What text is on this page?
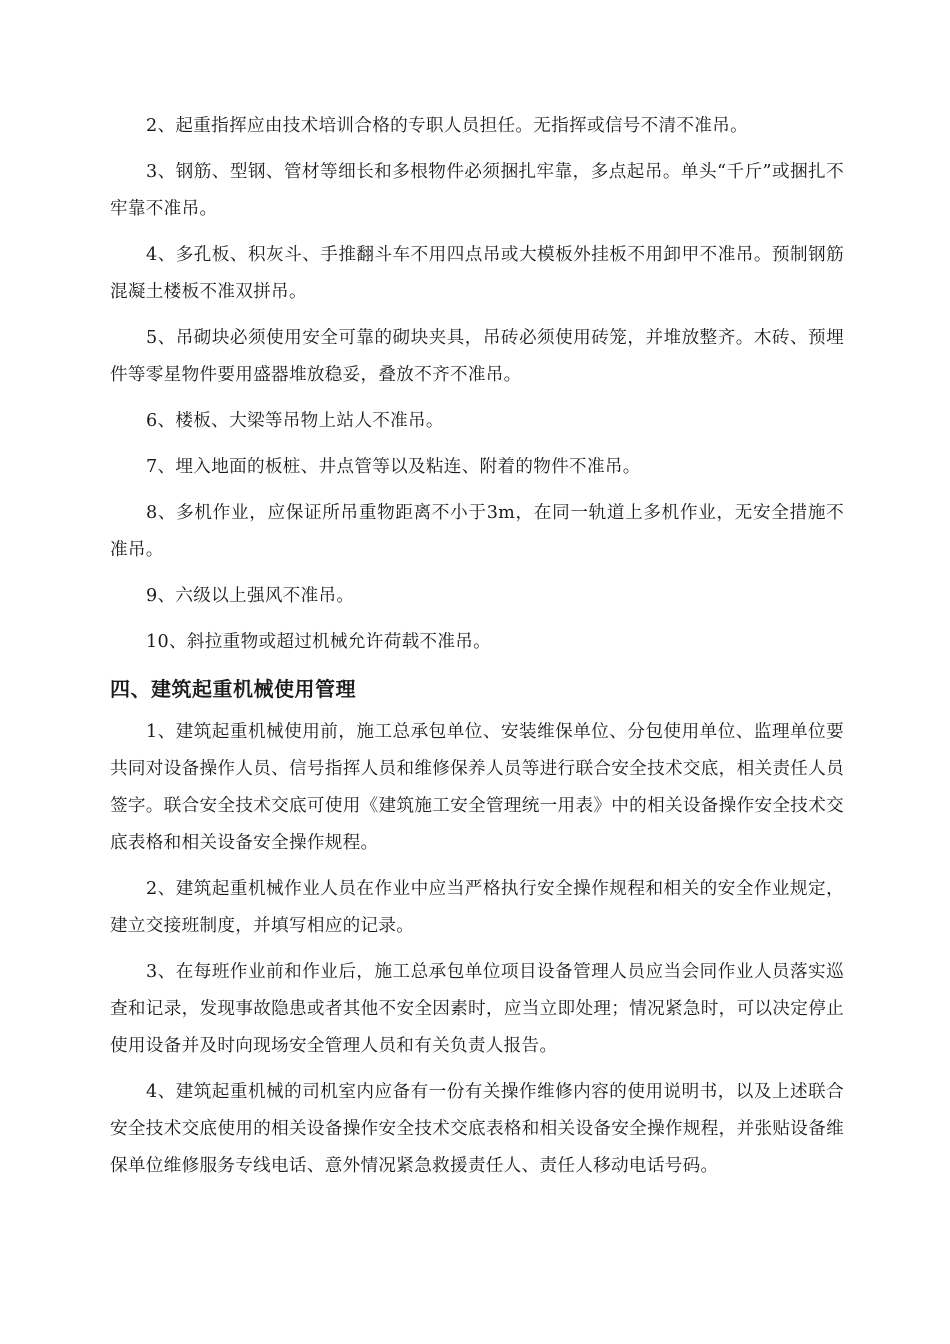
2、起重指挥应由技术培训合格的专职人员担任。无指挥或信号不清不准吊。

3、钢筋、型钢、管材等细长和多根物件必须捆扎牢靠，多点起吊。单头“千斤”或捆扎不牢靠不准吊。

4、多孔板、积灰斗、手推翻斗车不用四点吊或大模板外挂板不用卸甲不准吊。预制钢筋混凝土楼板不准双拼吊。

5、吊砌块必须使用安全可靠的砌块夹具，吊砖必须使用砖笼，并堆放整齐。木砖、预埋件等零星物件要用盛器堆放稳妥，叠放不齐不准吊。

6、楼板、大梁等吊物上站人不准吊。

7、埋入地面的板桩、井点管等以及粘连、附着的物件不准吊。

8、多机作业，应保证所吊重物距离不小于3m，在同一轨道上多机作业，无安全措施不准吊。

9、六级以上强风不准吊。

10、斜拉重物或超过机械允许荷载不准吊。

四、建筑起重机械使用管理

1、建筑起重机械使用前，施工总承包单位、安装维保单位、分包使用单位、监理单位要共同对设备操作人员、信号指挥人员和维修保养人员等进行联合安全技术交底，相关责任人员签字。联合安全技术交底可使用《建筑施工安全管理统一用表》中的相关设备操作安全技术交底表格和相关设备安全操作规程。

2、建筑起重机械作业人员在作业中应当严格执行安全操作规程和相关的安全作业规定，建立交接班制度，并填写相应的记录。

3、在每班作业前和作业后，施工总承包单位项目设备管理人员应当会同作业人员落实巡查和记录，发现事故隐患或者其他不安全因素时，应当立即处理；情况紧急时，可以决定停止使用设备并及时向现场安全管理人员和有关负责人报告。

4、建筑起重机械的司机室内应备有一份有关操作维修内容的使用说明书，以及上述联合安全技术交底使用的相关设备操作安全技术交底表格和相关设备安全操作规程，并张贴设备维保单位维修服务专线电话、意外情况紧急救援责任人、责任人移动电话号码。
